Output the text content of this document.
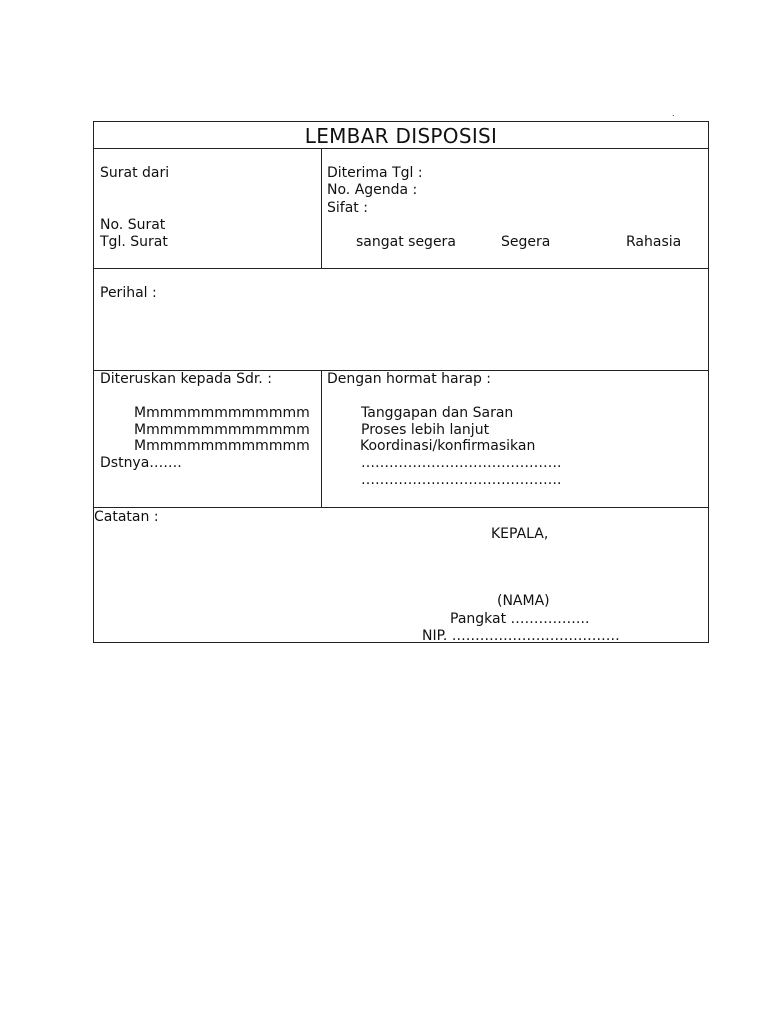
.
LEMBAR DISPOSISI
Surat dari
No. Surat
Tgl. Surat
Diterima Tgl :
No. Agenda :
Sifat :
sangat segera	Segera	Rahasia
Perihal :
Diteruskan kepada Sdr. :
Mmmmmmmmmmmmm
Mmmmmmmmmmmmm
Mmmmmmmmmmmmm
Dstnya…….
Dengan hormat harap :
Tanggapan dan Saran
Proses lebih lanjut
Koordinasi/konfirmasikan
…………………………………….
…………………………………….
Catatan :
KEPALA,
(NAMA)
Pangkat ……………..
NIP. ………………………………
